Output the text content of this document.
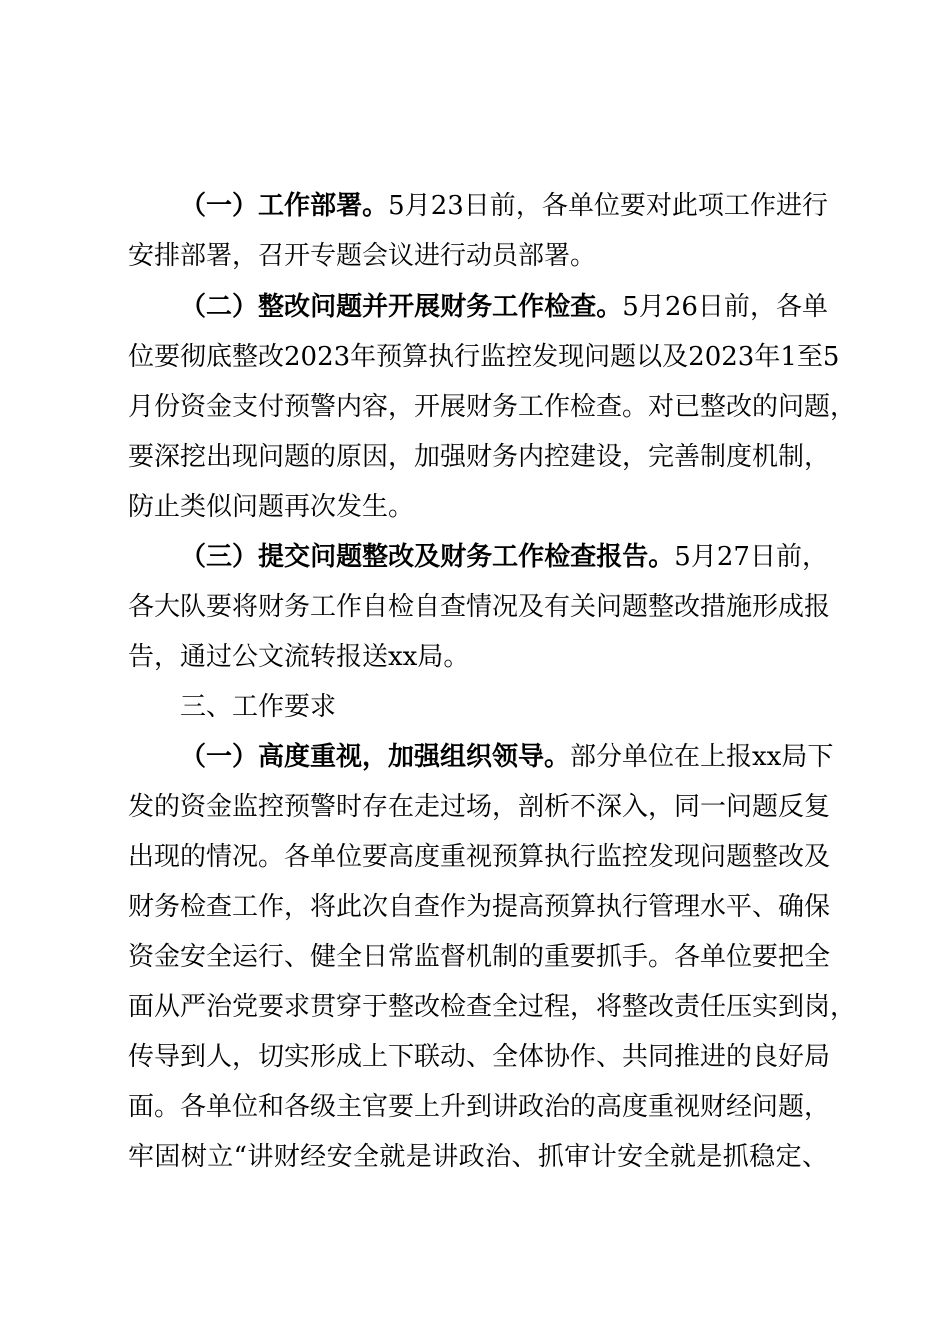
（一）工作部署。5月23日前，各单位要对此项工作进行
安排部署，召开专题会议进行动员部署。
（二）整改问题并开展财务工作检查。5月26日前，各单
位要彻底整改2023年预算执行监控发现问题以及2023年1至5
月份资金支付预警内容，开展财务工作检查。对已整改的问题，
要深挖出现问题的原因，加强财务内控建设，完善制度机制，
防止类似问题再次发生。
（三）提交问题整改及财务工作检查报告。5月27日前，
各大队要将财务工作自检自查情况及有关问题整改措施形成报
告，通过公文流转报送xx局。
三、工作要求
（一）高度重视，加强组织领导。部分单位在上报xx局下
发的资金监控预警时存在走过场，剖析不深入，同一问题反复
出现的情况。各单位要高度重视预算执行监控发现问题整改及
财务检查工作，将此次自查作为提高预算执行管理水平、确保
资金安全运行、健全日常监督机制的重要抓手。各单位要把全
面从严治党要求贯穿于整改检查全过程，将整改责任压实到岗，
传导到人，切实形成上下联动、全体协作、共同推进的良好局
面。各单位和各级主官要上升到讲政治的高度重视财经问题，
牢固树立“讲财经安全就是讲政治、抓审计安全就是抓稳定、
